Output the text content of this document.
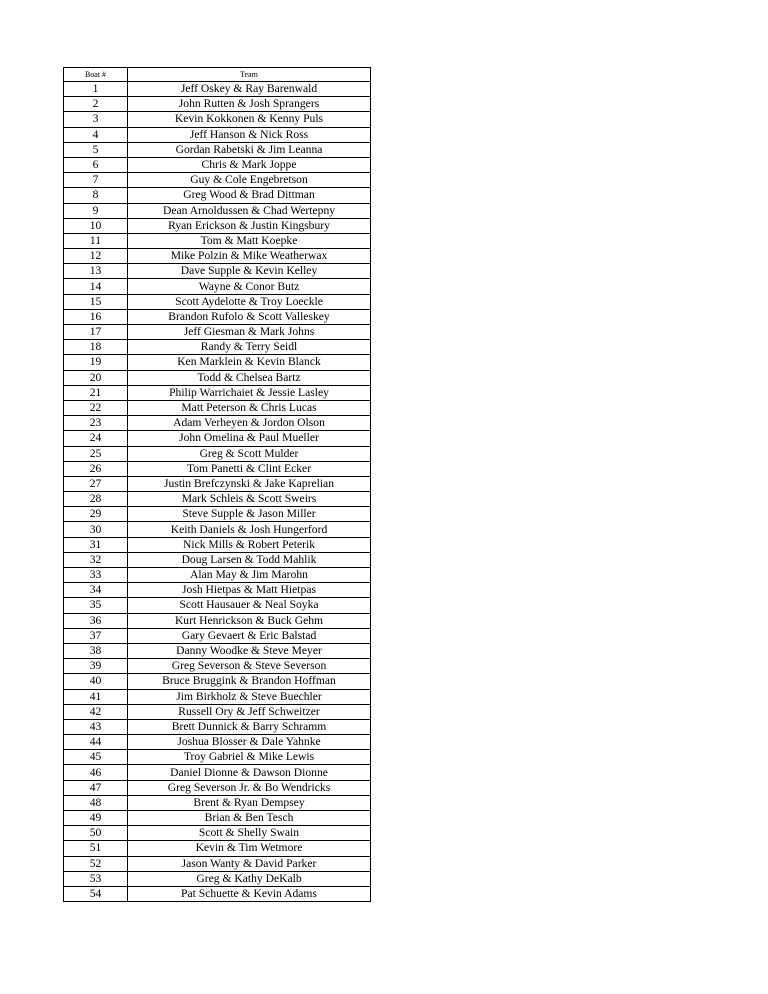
Boat #	Team
1	Jeff Oskey & Ray Barenwald
2	John Rutten & Josh Sprangers
3	Kevin Kokkonen & Kenny Puls
4	Jeff Hanson & Nick Ross
5	Gordan Rabetski & Jim Leanna
6	Chris & Mark Joppe
7	Guy & Cole Engebretson
8	Greg Wood & Brad Dittman
9	Dean Arnoldussen & Chad Wertepny
10	Ryan Erickson & Justin Kingsbury
11	Tom & Matt Koepke
12	Mike Polzin & Mike Weatherwax
13	Dave Supple & Kevin Kelley
14	Wayne & Conor Butz
15	Scott Aydelotte & Troy Loeckle
16	Brandon Rufolo & Scott Valleskey
17	Jeff Giesman & Mark Johns
18	Randy & Terry Seidl
19	Ken Marklein & Kevin Blanck
20	Todd & Chelsea Bartz
21	Philip Warrichaiet & Jessie Lasley
22	Matt Peterson & Chris Lucas
23	Adam Verheyen & Jordon Olson
24	John Omelina & Paul Mueller
25	Greg & Scott Mulder
26	Tom Panetti & Clint Ecker
27	Justin Brefczynski & Jake Kaprelian
28	Mark Schleis & Scott Sweirs
29	Steve Supple & Jason Miller
30	Keith Daniels & Josh Hungerford
31	Nick Mills & Robert Peterik
32	Doug Larsen & Todd Mahlik
33	Alan May & Jim Marohn
34	Josh Hietpas & Matt Hietpas
35	Scott Hausauer & Neal Soyka
36	Kurt Henrickson & Buck Gehm
37	Gary Gevaert & Eric Balstad
38	Danny Woodke & Steve Meyer
39	Greg Severson & Steve Severson
40	Bruce Bruggink & Brandon Hoffman
41	Jim Birkholz & Steve Buechler
42	Russell Ory & Jeff Schweitzer
43	Brett Dunnick & Barry Schramm
44	Joshua Blosser & Dale Yahnke
45	Troy Gabriel & Mike Lewis
46	Daniel Dionne & Dawson Dionne
47	Greg Severson Jr. & Bo Wendricks
48	Brent & Ryan Dempsey
49	Brian & Ben Tesch
50	Scott & Shelly Swain
51	Kevin & Tim Wetmore
52	Jason Wanty & David Parker
53	Greg & Kathy DeKalb
54	Pat Schuette & Kevin Adams
